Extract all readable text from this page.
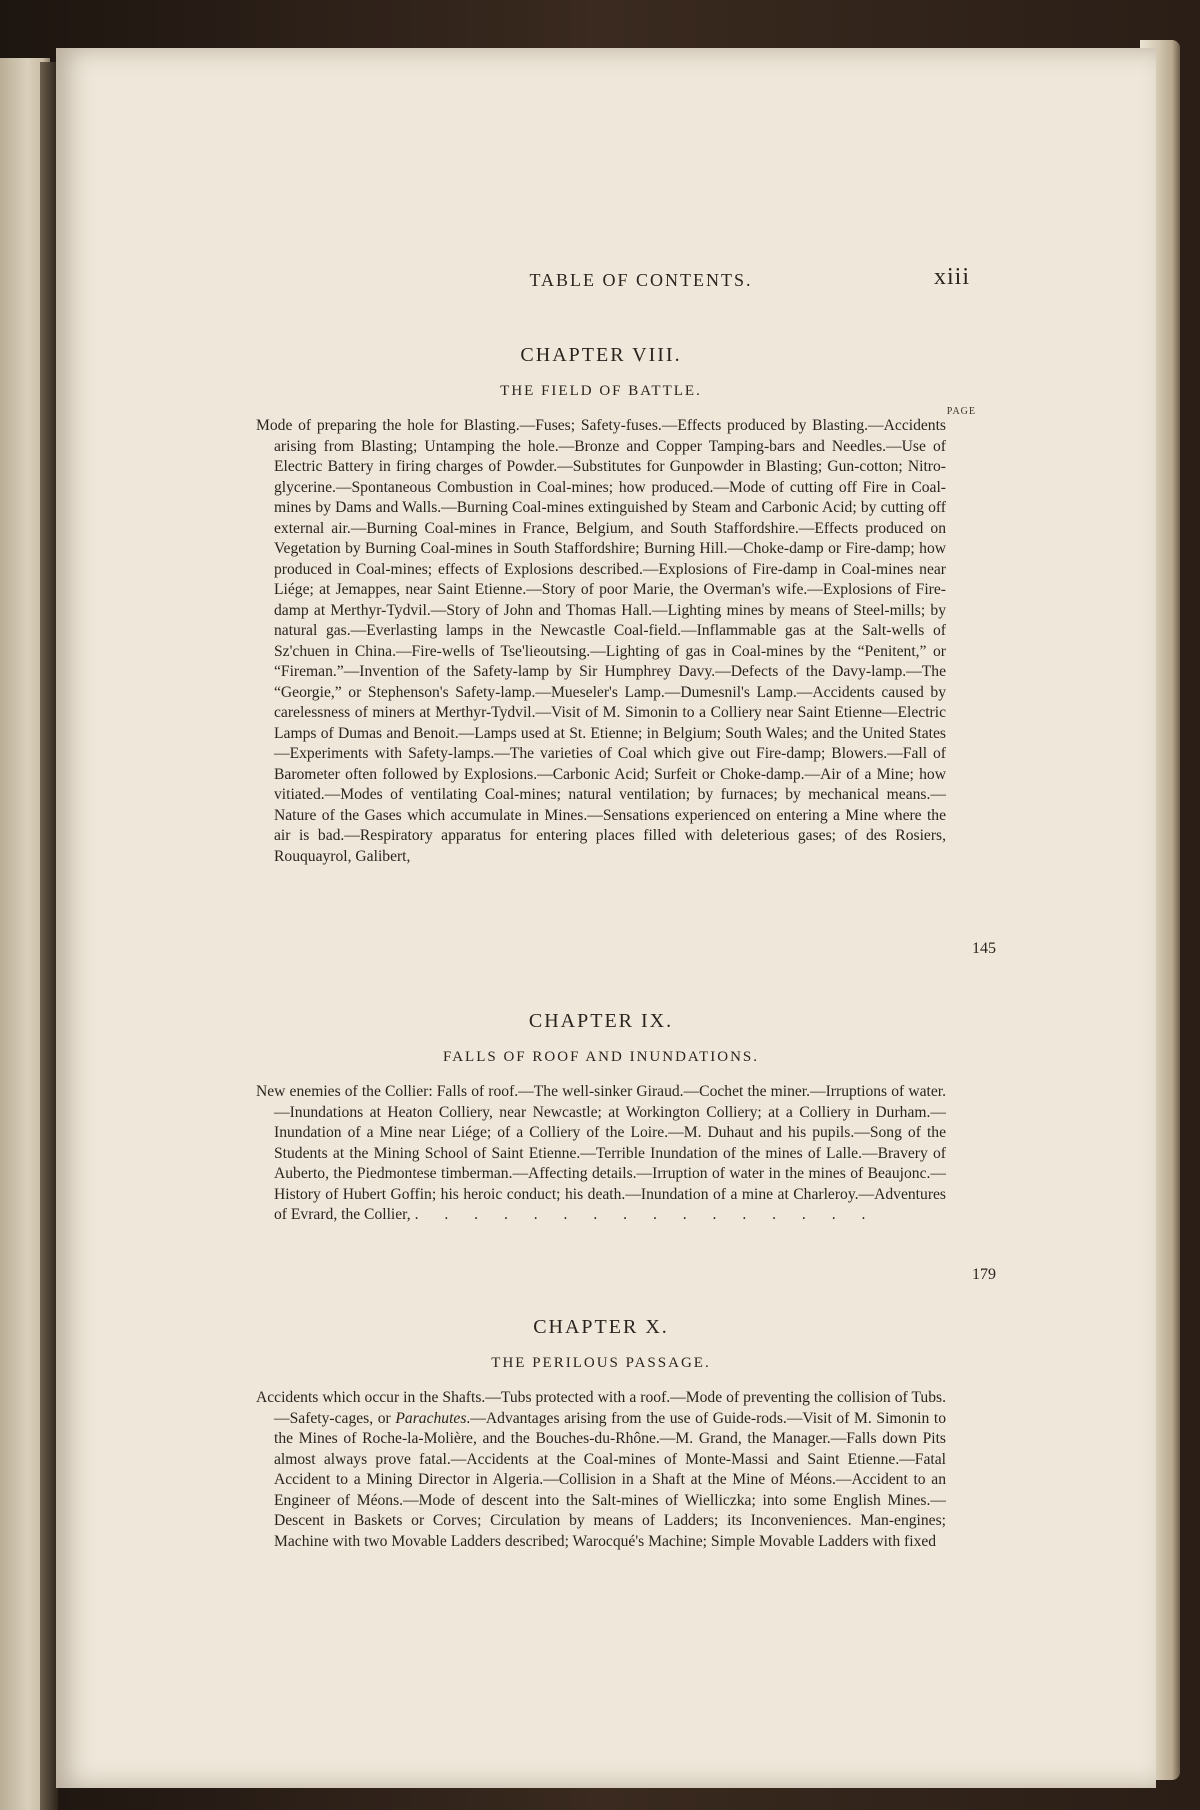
TABLE OF CONTENTS.	xiii
CHAPTER VIII.
THE FIELD OF BATTLE.
PAGE
Mode of preparing the hole for Blasting.—Fuses; Safety-fuses.—Effects produced by Blasting.—Accidents arising from Blasting; Untamping the hole.—Bronze and Copper Tamping-bars and Needles.—Use of Electric Battery in firing charges of Powder.—Substitutes for Gunpowder in Blasting; Gun-cotton; Nitro-glycerine.—Spontaneous Combustion in Coal-mines; how produced.—Mode of cutting off Fire in Coal-mines by Dams and Walls.—Burning Coal-mines extinguished by Steam and Carbonic Acid; by cutting off external air.—Burning Coal-mines in France, Belgium, and South Staffordshire.—Effects produced on Vegetation by Burning Coal-mines in South Staffordshire; Burning Hill.—Choke-damp or Fire-damp; how produced in Coal-mines; effects of Explosions described.—Explosions of Fire-damp in Coal-mines near Liége; at Jemappes, near Saint Etienne.—Story of poor Marie, the Overman's wife.—Explosions of Fire-damp at Merthyr-Tydvil.—Story of John and Thomas Hall.—Lighting mines by means of Steel-mills; by natural gas.—Everlasting lamps in the Newcastle Coal-field.—Inflammable gas at the Salt-wells of Sz'chuen in China.—Fire-wells of Tse'lieoutsing.—Lighting of gas in Coal-mines by the “Penitent,” or “Fireman.”—Invention of the Safety-lamp by Sir Humphrey Davy.—Defects of the Davy-lamp.—The “Georgie,” or Stephenson's Safety-lamp.—Mueseler's Lamp.—Dumesnil's Lamp.—Accidents caused by carelessness of miners at Merthyr-Tydvil.—Visit of M. Simonin to a Colliery near Saint Etienne—Electric Lamps of Dumas and Benoit.—Lamps used at St. Etienne; in Belgium; South Wales; and the United States—Experiments with Safety-lamps.—The varieties of Coal which give out Fire-damp; Blowers.—Fall of Barometer often followed by Explosions.—Carbonic Acid; Surfeit or Choke-damp.—Air of a Mine; how vitiated.—Modes of ventilating Coal-mines; natural ventilation; by furnaces; by mechanical means.—Nature of the Gases which accumulate in Mines.—Sensations experienced on entering a Mine where the air is bad.—Respiratory apparatus for entering places filled with deleterious gases; of des Rosiers, Rouquayrol, Galibert,
145
CHAPTER IX.
FALLS OF ROOF AND INUNDATIONS.
New enemies of the Collier: Falls of roof.—The well-sinker Giraud.—Cochet the miner.—Irruptions of water.—Inundations at Heaton Colliery, near Newcastle; at Workington Colliery; at a Colliery in Durham.—Inundation of a Mine near Liége; of a Colliery of the Loire.—M. Duhaut and his pupils.—Song of the Students at the Mining School of Saint Etienne.—Terrible Inundation of the mines of Lalle.—Bravery of Auberto, the Piedmontese timberman.—Affecting details.—Irruption of water in the mines of Beaujonc.—History of Hubert Goffin; his heroic conduct; his death.—Inundation of a mine at Charleroy.—Adventures of Evrard, the Collier, . . . . . . . . . . . . . . . .
179
CHAPTER X.
THE PERILOUS PASSAGE.
Accidents which occur in the Shafts.—Tubs protected with a roof.—Mode of preventing the collision of Tubs.—Safety-cages, or Parachutes.—Advantages arising from the use of Guide-rods.—Visit of M. Simonin to the Mines of Roche-la-Molière, and the Bouches-du-Rhône.—M. Grand, the Manager.—Falls down Pits almost always prove fatal.—Accidents at the Coal-mines of Monte-Massi and Saint Etienne.—Fatal Accident to a Mining Director in Algeria.—Collision in a Shaft at the Mine of Méons.—Accident to an Engineer of Méons.—Mode of descent into the Salt-mines of Wielliczka; into some English Mines.—Descent in Baskets or Corves; Circulation by means of Ladders; its Inconveniences. Man-engines; Machine with two Movable Ladders described; Warocqué's Machine; Simple Movable Ladders with fixed
